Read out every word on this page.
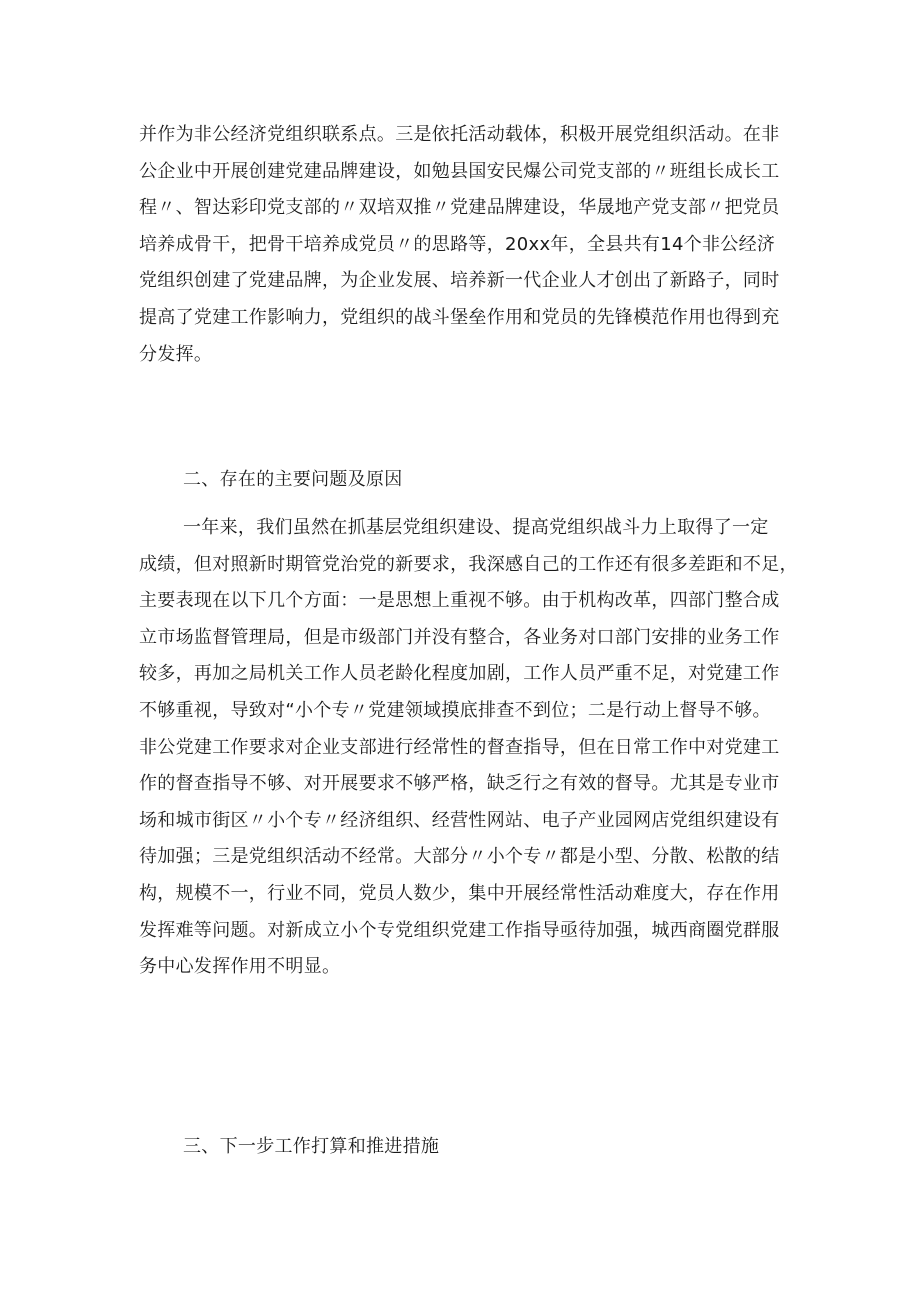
并作为非公经济党组织联系点。三是依托活动载体，积极开展党组织活动。在非
公企业中开展创建党建品牌建设，如勉县国安民爆公司党支部的〃班组长成长工
程〃、智达彩印党支部的〃双培双推〃党建品牌建设，华晟地产党支部〃把党员
培养成骨干，把骨干培养成党员〃的思路等，20xx年，全县共有14个非公经济
党组织创建了党建品牌，为企业发展、培养新一代企业人才创出了新路子，同时
提高了党建工作影响力，党组织的战斗堡垒作用和党员的先锋模范作用也得到充
分发挥。
二、存在的主要问题及原因
一年来，我们虽然在抓基层党组织建设、提高党组织战斗力上取得了一定
成绩，但对照新时期管党治党的新要求，我深感自己的工作还有很多差距和不足，
主要表现在以下几个方面：一是思想上重视不够。由于机构改革，四部门整合成
立市场监督管理局，但是市级部门并没有整合，各业务对口部门安排的业务工作
较多，再加之局机关工作人员老龄化程度加剧，工作人员严重不足，对党建工作
不够重视，导致对“小个专〃党建领域摸底排查不到位；二是行动上督导不够。
非公党建工作要求对企业支部进行经常性的督查指导，但在日常工作中对党建工
作的督查指导不够、对开展要求不够严格，缺乏行之有效的督导。尤其是专业市
场和城市街区〃小个专〃经济组织、经营性网站、电子产业园网店党组织建设有
待加强；三是党组织活动不经常。大部分〃小个专〃都是小型、分散、松散的结
构，规模不一，行业不同，党员人数少，集中开展经常性活动难度大，存在作用
发挥难等问题。对新成立小个专党组织党建工作指导亟待加强，城西商圈党群服
务中心发挥作用不明显。
三、下一步工作打算和推进措施
